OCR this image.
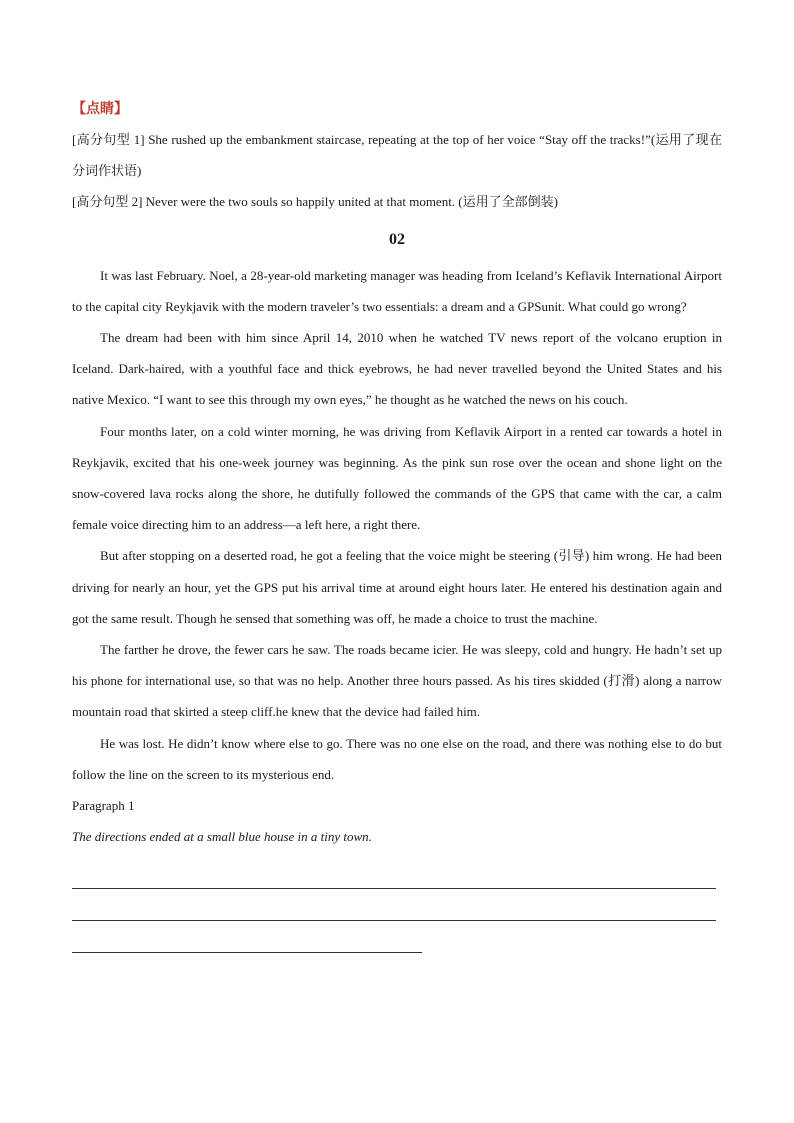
【点睛】

[高分句型 1] She rushed up the embankment staircase, repeating at the top of her voice “Stay off the tracks!”(运用了现在分词作状语)

[高分句型 2] Never were the two souls so happily united at that moment. (运用了全部倒装)

02

It was last February. Noel, a 28-year-old marketing manager was heading from Iceland’s Keflavik International Airport to the capital city Reykjavik with the modern traveler’s two essentials: a dream and a GPSunit. What could go wrong?

The dream had been with him since April 14, 2010 when he watched TV news report of the volcano eruption in Iceland. Dark-haired, with a youthful face and thick eyebrows, he had never travelled beyond the United States and his native Mexico. “I want to see this through my own eyes,” he thought as he watched the news on his couch.

Four months later, on a cold winter morning, he was driving from Keflavik Airport in a rented car towards a hotel in Reykjavik, excited that his one-week journey was beginning. As the pink sun rose over the ocean and shone light on the snow-covered lava rocks along the shore, he dutifully followed the commands of the GPS that came with the car, a calm female voice directing him to an address—a left here, a right there.

But after stopping on a deserted road, he got a feeling that the voice might be steering (引导) him wrong. He had been driving for nearly an hour, yet the GPS put his arrival time at around eight hours later. He entered his destination again and got the same result. Though he sensed that something was off, he made a choice to trust the machine.

The farther he drove, the fewer cars he saw. The roads became icier. He was sleepy, cold and hungry. He hadn’t set up his phone for international use, so that was no help. Another three hours passed. As his tires skidded (打滑) along a narrow mountain road that skirted a steep cliff.he knew that the device had failed him.

He was lost. He didn’t know where else to go. There was no one else on the road, and there was nothing else to do but follow the line on the screen to its mysterious end.

Paragraph 1

The directions ended at a small blue house in a tiny town.
